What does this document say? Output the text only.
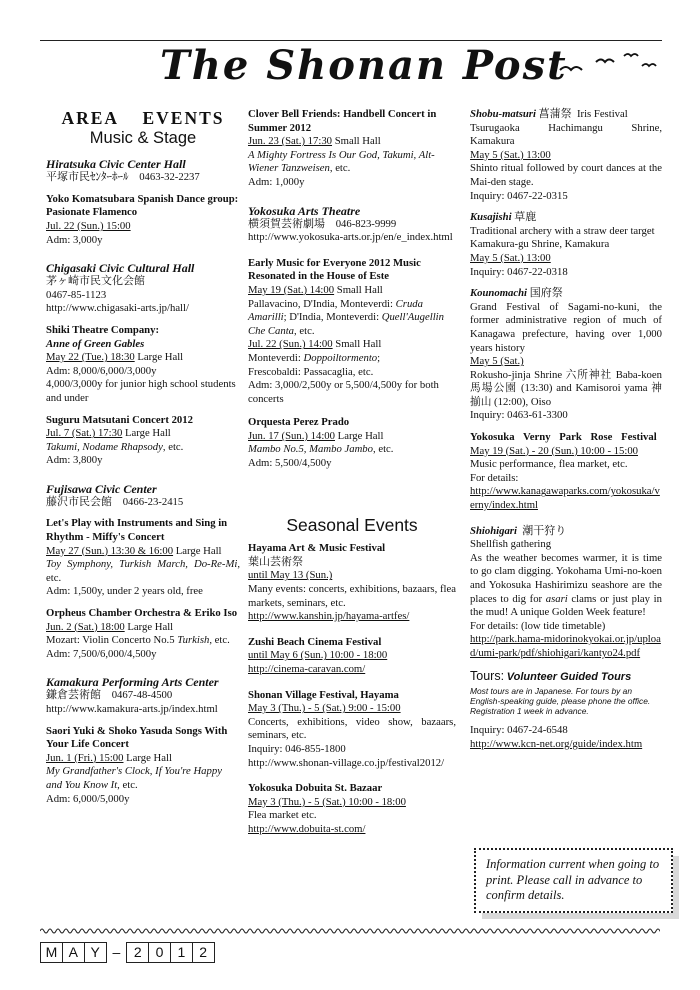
The Shonan Post
AREA EVENTS
Music & Stage
Hiratsuka Civic Center Hall
平塚市民ｾﾝﾀｰﾎｰﾙ 0463-32-2237
Yoko Komatsubara Spanish Dance group: Pasionate Flamenco
Jul. 22 (Sun.) 15:00
Adm: 3,000y
Chigasaki Civic Cultural Hall
茅ヶ崎市民文化会館
0467-85-1123
http://www.chigasaki-arts.jp/hall/
Shiki Theatre Company:
Anne of Green Gables
May 22 (Tue.) 18:30 Large Hall
Adm: 8,000/6,000/3,000y
4,000/3,000y for junior high school students and under
Suguru Matsutani Concert 2012
Jul. 7 (Sat.) 17:30 Large Hall
Takumi, Nodame Rhapsody, etc.
Adm: 3,800y
Fujisawa Civic Center
藤沢市民会館 0466-23-2415
Let's Play with Instruments and Sing in Rhythm - Miffy's Concert
May 27 (Sun.) 13:30 & 16:00 Large Hall
Toy Symphony, Turkish March, Do-Re-Mi, etc.
Adm: 1,500y, under 2 years old, free
Orpheus Chamber Orchestra & Eriko Iso
Jun. 2 (Sat.) 18:00 Large Hall
Mozart: Violin Concerto No.5 Turkish, etc.
Adm: 7,500/6,000/4,500y
Kamakura Performing Arts Center
鎌倉芸術館 0467-48-4500
http://www.kamakura-arts.jp/index.html
Saori Yuki & Shoko Yasuda Songs With Your Life Concert
Jun. 1 (Fri.) 15:00 Large Hall
My Grandfather's Clock, If You're Happy and You Know It, etc.
Adm: 6,000/5,000y
Clover Bell Friends: Handbell Concert in Summer 2012
Jun. 23 (Sat.) 17:30 Small Hall
A Mighty Fortress Is Our God, Takumi, Alt-Wiener Tanzweisen, etc.
Adm: 1,000y
Yokosuka Arts Theatre
横須賀芸術劇場 046-823-9999
http://www.yokosuka-arts.or.jp/en/e_index.html
Early Music for Everyone 2012 Music Resonated in the House of Este
May 19 (Sat.) 14:00 Small Hall
Pallavacino, D'India, Monteverdi: Cruda Amarilli; D'India, Monteverdi: Quell'Augellin Che Canta, etc.
Jul. 22 (Sun.) 14:00 Small Hall
Monteverdi: Doppoiltormento;
Frescobaldi: Passacaglia, etc.
Adm: 3,000/2,500y or 5,500/4,500y for both concerts
Orquesta Perez Prado
Jun. 17 (Sun.) 14:00 Large Hall
Mambo No.5, Mambo Jambo, etc.
Adm: 5,500/4,500y
Seasonal Events
Hayama Art & Music Festival
葉山芸術祭
until May 13 (Sun.)
Many events: concerts, exhibitions, bazaars, flea markets, seminars, etc.
http://www.kanshin.jp/hayama-artfes/
Zushi Beach Cinema Festival
until May 6 (Sun.) 10:00 - 18:00
http://cinema-caravan.com/
Shonan Village Festival, Hayama
May 3 (Thu.) - 5 (Sat.) 9:00 - 15:00
Concerts, exhibitions, video show, bazaars, seminars, etc.
Inquiry: 046-855-1800
http://www.shonan-village.co.jp/festival2012/
Yokosuka Dobuita St. Bazaar
May 3 (Thu.) - 5 (Sat.) 10:00 - 18:00
Flea market etc.
http://www.dobuita-st.com/
Shobu-matsuri 菖蒲祭 Iris Festival
Tsurugaoka Hachimangu Shrine, Kamakura
May 5 (Sat.) 13:00
Shinto ritual followed by court dances at the Mai-den stage.
Inquiry: 0467-22-0315
Kusajishi 草鹿
Traditional archery with a straw deer target
Kamakura-gu Shrine, Kamakura
May 5 (Sat.) 13:00
Inquiry: 0467-22-0318
Kounomachi 国府祭
Grand Festival of Sagami-no-kuni, the former administrative region of much of Kanagawa prefecture, having over 1,000 years history
May 5 (Sat.)
Rokusho-jinja Shrine 六所神社 Baba-koen 馬場公園 (13:30) and Kamisoroi yama 神揃山 (12:00), Oiso
Inquiry: 0463-61-3300
Yokosuka Verny Park Rose Festival
May 19 (Sat.) - 20 (Sun.) 10:00 - 15:00
Music performance, flea market, etc.
For details:
http://www.kanagawaparks.com/yokosuka/verny/index.html
Shiohigari 潮干狩り
Shellfish gathering
As the weather becomes warmer, it is time to go clam digging. Yokohama Umi-no-koen and Yokosuka Hashirimizu seashore are the places to dig for asari clams or just play in the mud! A unique Golden Week feature!
For details: (low tide timetable)
http://park.hama-midorinokyokai.or.jp/upload/umi-park/pdf/shiohigari/kantyo24.pdf
Tours: Volunteer Guided Tours
Most tours are in Japanese. For tours by an English-speaking guide, please phone the office. Registration 1 week in advance.
Inquiry: 0467-24-6548
http://www.kcn-net.org/guide/index.htm
Information current when going to print. Please call in advance to confirm details.
M A Y – 2	0	1	2
